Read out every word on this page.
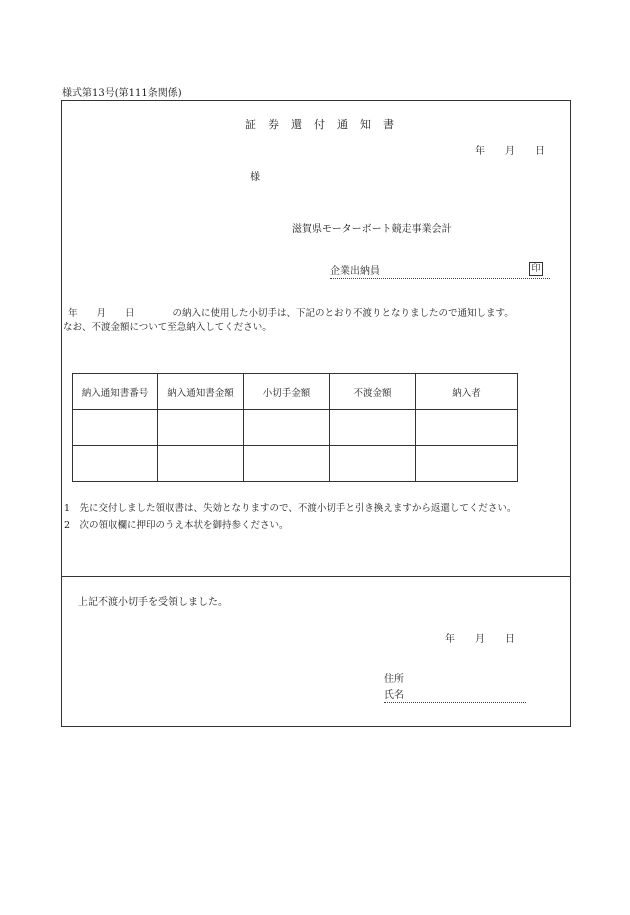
様式第13号(第111条関係)
証券還付通知書
年　　月　　日
様
滋賀県モーターボート競走事業会計
企業出納員	印
年　　月　　日　　　　の納入に使用した小切手は、下記のとおり不渡りとなりましたので通知します。
なお、不渡金額について至急納入してください。
納入通知書番号	納入通知書金額	小切手金額	不渡金額	納入者

1　先に交付しました領収書は、失効となりますので、不渡小切手と引き換えますから返還してください。
2　次の領収欄に押印のうえ本状を御持参ください。
上記不渡小切手を受領しました。
年　　月　　日
住所
氏名
